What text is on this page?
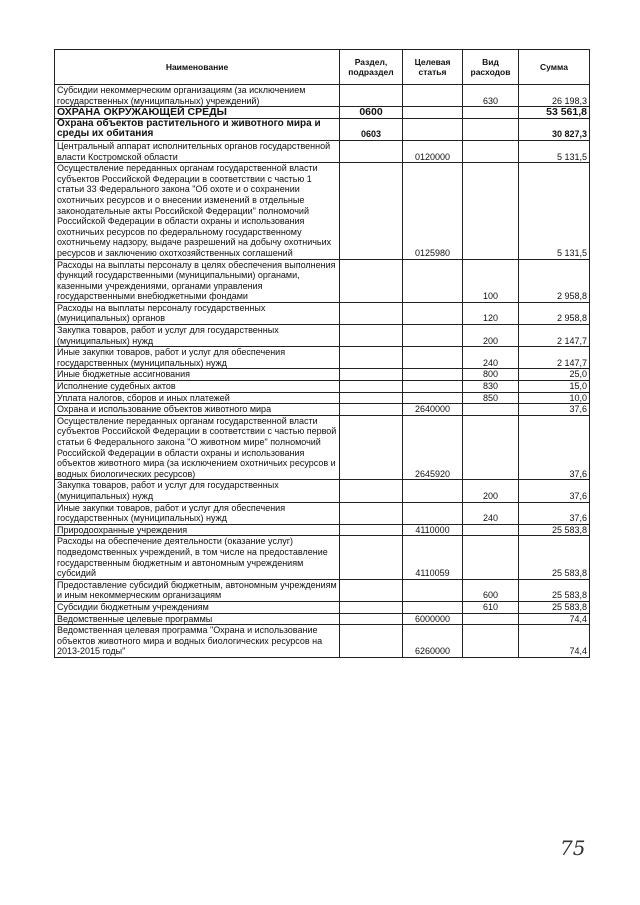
Наименование	Раздел, подраздел	Целевая статья	Вид расходов	Сумма
Субсидии некоммерческим организациям (за исключением государственных (муниципальных) учреждений)			630	26 198,3
ОХРАНА ОКРУЖАЮЩЕЙ СРЕДЫ	0600			53 561,8
Охрана объектов растительного и животного мира и среды их обитания	0603			30 827,3
Центральный аппарат исполнительных органов государственной власти Костромской области		0120000		5 131,5
Осуществление переданных органам государственной власти субъектов Российской Федерации в соответствии с частью 1 статьи 33 Федерального закона "Об охоте и о сохранении охотничьих ресурсов и о внесении изменений в отдельные законодательные акты Российской Федерации" полномочий Российской Федерации в области охраны и использования охотничьих ресурсов по федеральному государственному охотничьему надзору, выдаче разрешений на добычу охотничьих ресурсов и заключению охотхозяйственных соглашений		0125980		5 131,5
Расходы на выплаты персоналу в целях обеспечения выполнения функций государственными (муниципальными) органами, казенными учреждениями, органами управления государственными внебюджетными фондами			100	2 958,8
Расходы на выплаты персоналу государственных (муниципальных) органов			120	2 958,8
Закупка товаров, работ и услуг для государственных (муниципальных) нужд			200	2 147,7
Иные закупки товаров, работ и услуг для обеспечения государственных (муниципальных) нужд			240	2 147,7
Иные бюджетные ассигнования			800	25,0
Исполнение судебных актов			830	15,0
Уплата налогов, сборов и иных платежей			850	10,0
Охрана и использование объектов животного мира		2640000		37,6
Осуществление переданных органам государственной власти субъектов Российской Федерации в соответствии с частью первой статьи 6 Федерального закона "О животном мире" полномочий Российской Федерации в области охраны и использования объектов животного мира (за исключением охотничьих ресурсов и водных биологических ресурсов)		2645920		37,6
Закупка товаров, работ и услуг для государственных (муниципальных) нужд			200	37,6
Иные закупки товаров, работ и услуг для обеспечения государственных (муниципальных) нужд			240	37,6
Природоохранные учреждения		4110000		25 583,8
Расходы на обеспечение деятельности (оказание услуг) подведомственных учреждений, в том числе на предоставление государственным бюджетным и автономным учреждениям субсидий		4110059		25 583,8
Предоставление субсидий бюджетным, автономным учреждениям и иным некоммерческим организациям			600	25 583,8
Субсидии бюджетным учреждениям			610	25 583,8
Ведомственные целевые программы		6000000		74,4
Ведомственная целевая программа "Охрана и использование объектов животного мира и водных биологических ресурсов на 2013-2015 годы"		6260000		74,4
75
